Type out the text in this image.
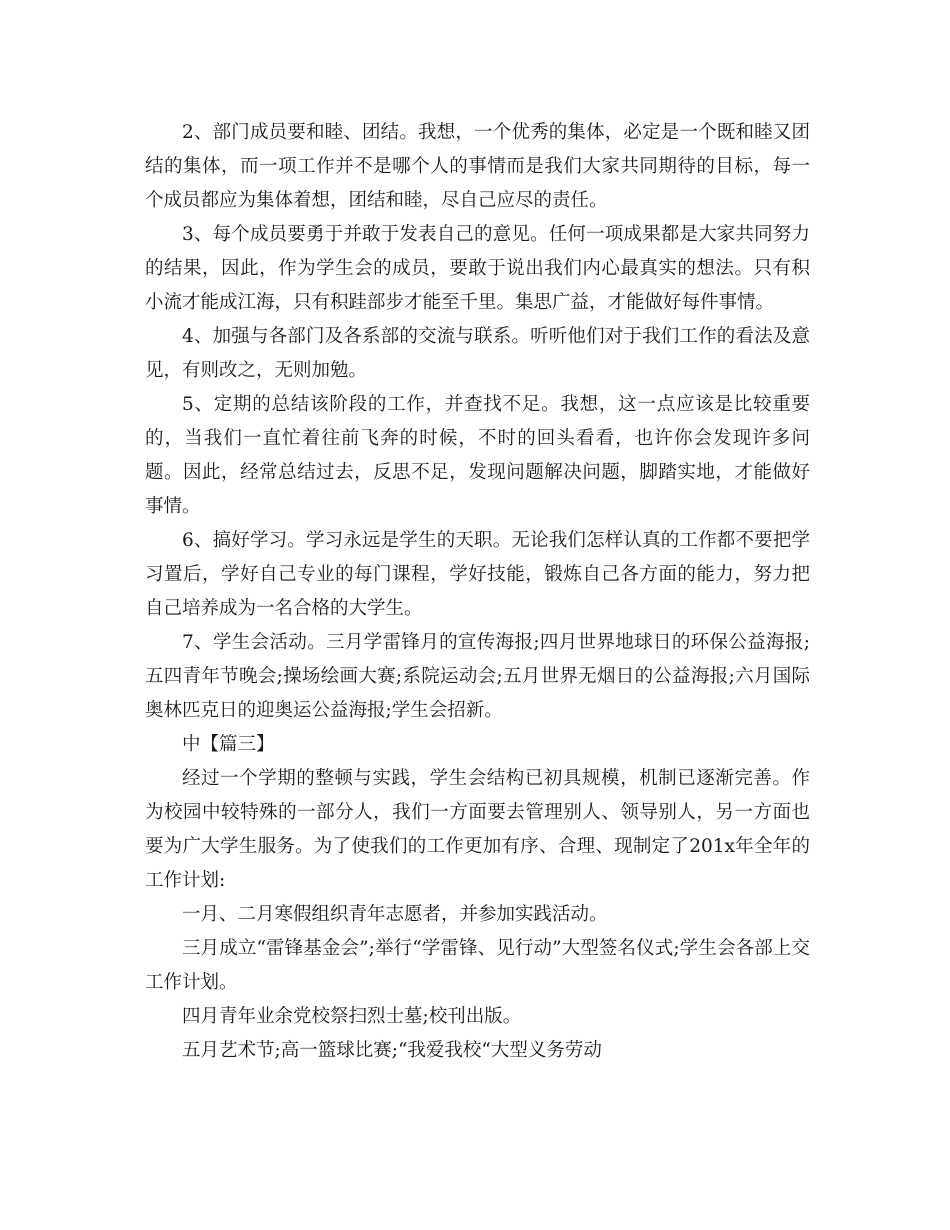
2、部门成员要和睦、团结。我想，一个优秀的集体，必定是一个既和睦又团结的集体，而一项工作并不是哪个人的事情而是我们大家共同期待的目标，每一个成员都应为集体着想，团结和睦，尽自己应尽的责任。

3、每个成员要勇于并敢于发表自己的意见。任何一项成果都是大家共同努力的结果，因此，作为学生会的成员，要敢于说出我们内心最真实的想法。只有积小流才能成江海，只有积跬部步才能至千里。集思广益，才能做好每件事情。

4、加强与各部门及各系部的交流与联系。听听他们对于我们工作的看法及意见，有则改之，无则加勉。

5、定期的总结该阶段的工作，并查找不足。我想，这一点应该是比较重要的，当我们一直忙着往前飞奔的时候，不时的回头看看，也许你会发现许多问题。因此，经常总结过去，反思不足，发现问题解决问题，脚踏实地，才能做好事情。

6、搞好学习。学习永远是学生的天职。无论我们怎样认真的工作都不要把学习置后，学好自己专业的每门课程，学好技能，锻炼自己各方面的能力，努力把自己培养成为一名合格的大学生。

7、学生会活动。三月学雷锋月的宣传海报;四月世界地球日的环保公益海报;五四青年节晚会;操场绘画大赛;系院运动会;五月世界无烟日的公益海报;六月国际奥林匹克日的迎奥运公益海报;学生会招新。

中【篇三】

经过一个学期的整顿与实践，学生会结构已初具规模，机制已逐渐完善。作为校园中较特殊的一部分人，我们一方面要去管理别人、领导别人，另一方面也要为广大学生服务。为了使我们的工作更加有序、合理、现制定了201x年全年的工作计划:

一月、二月寒假组织青年志愿者，并参加实践活动。

三月成立“雷锋基金会”;举行“学雷锋、见行动”大型签名仪式;学生会各部上交工作计划。

四月青年业余党校祭扫烈士墓;校刊出版。

五月艺术节;高一篮球比赛;“我爱我校“大型义务劳动
